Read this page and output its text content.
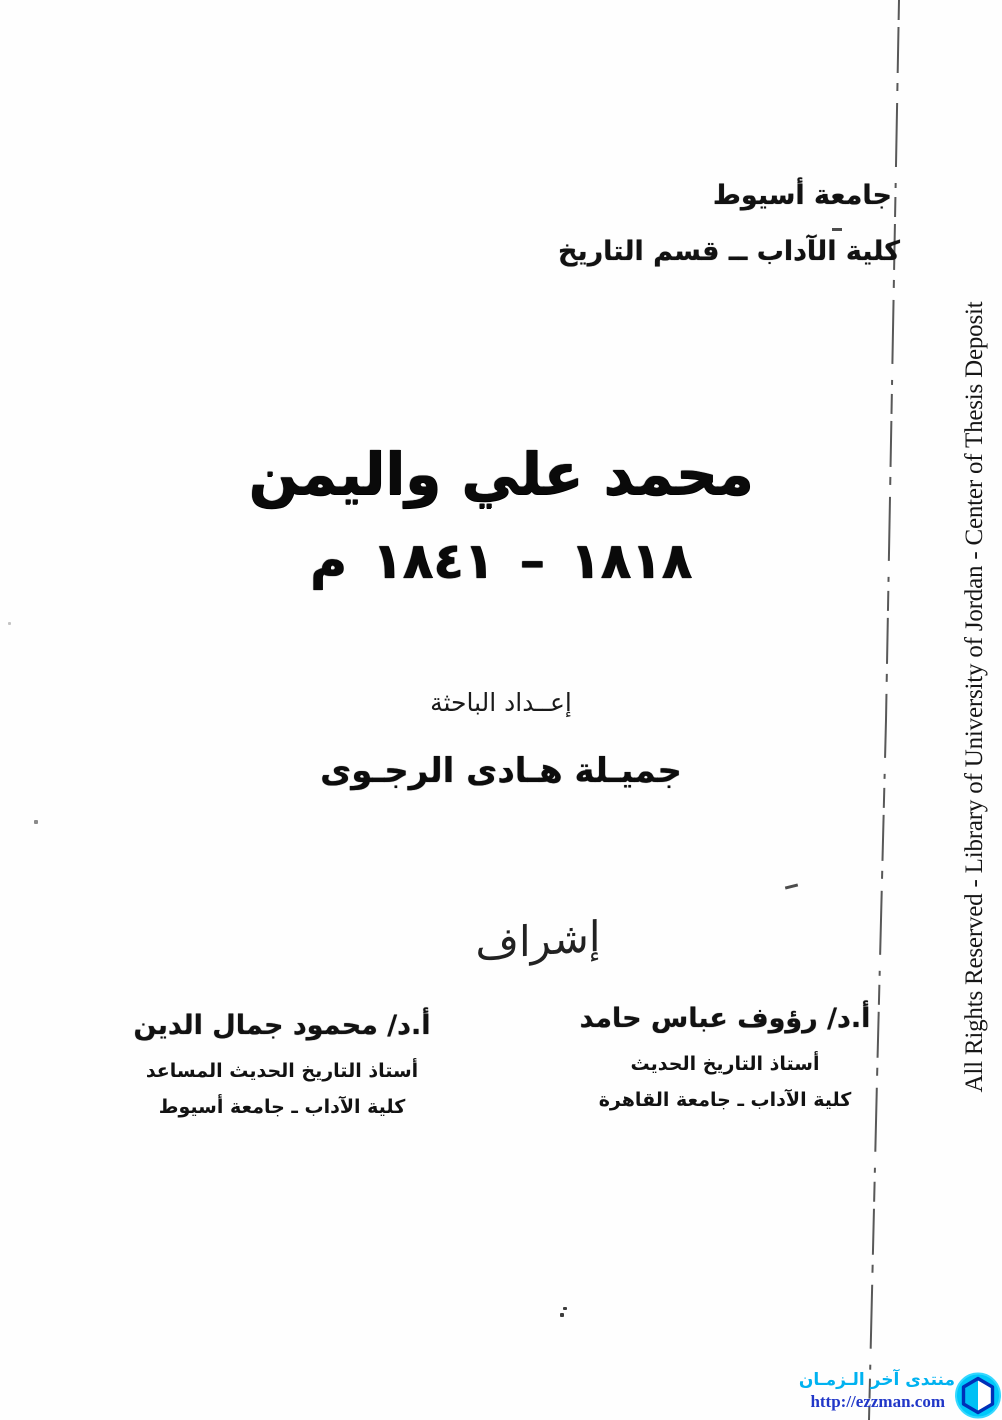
جامعة أسيوط
كلية الآداب ــ قسم التاريخ
محمد علي واليمن
١٨١٨ – ١٨٤١ م
إعــداد الباحثة
جميـلة هـادى الرجـوى
إشراف
أ.د/ رؤوف عباس حامد
أستاذ التاريخ الحديث
كلية الآداب ـ جامعة القاهرة
أ.د/ محمود جمال الدين
أستاذ التاريخ الحديث المساعد
كلية الآداب ـ جامعة أسيوط
All Rights Reserved - Library of University of Jordan - Center of Thesis Deposit
منتدى آخر الـزمـان
http://ezzman.com
